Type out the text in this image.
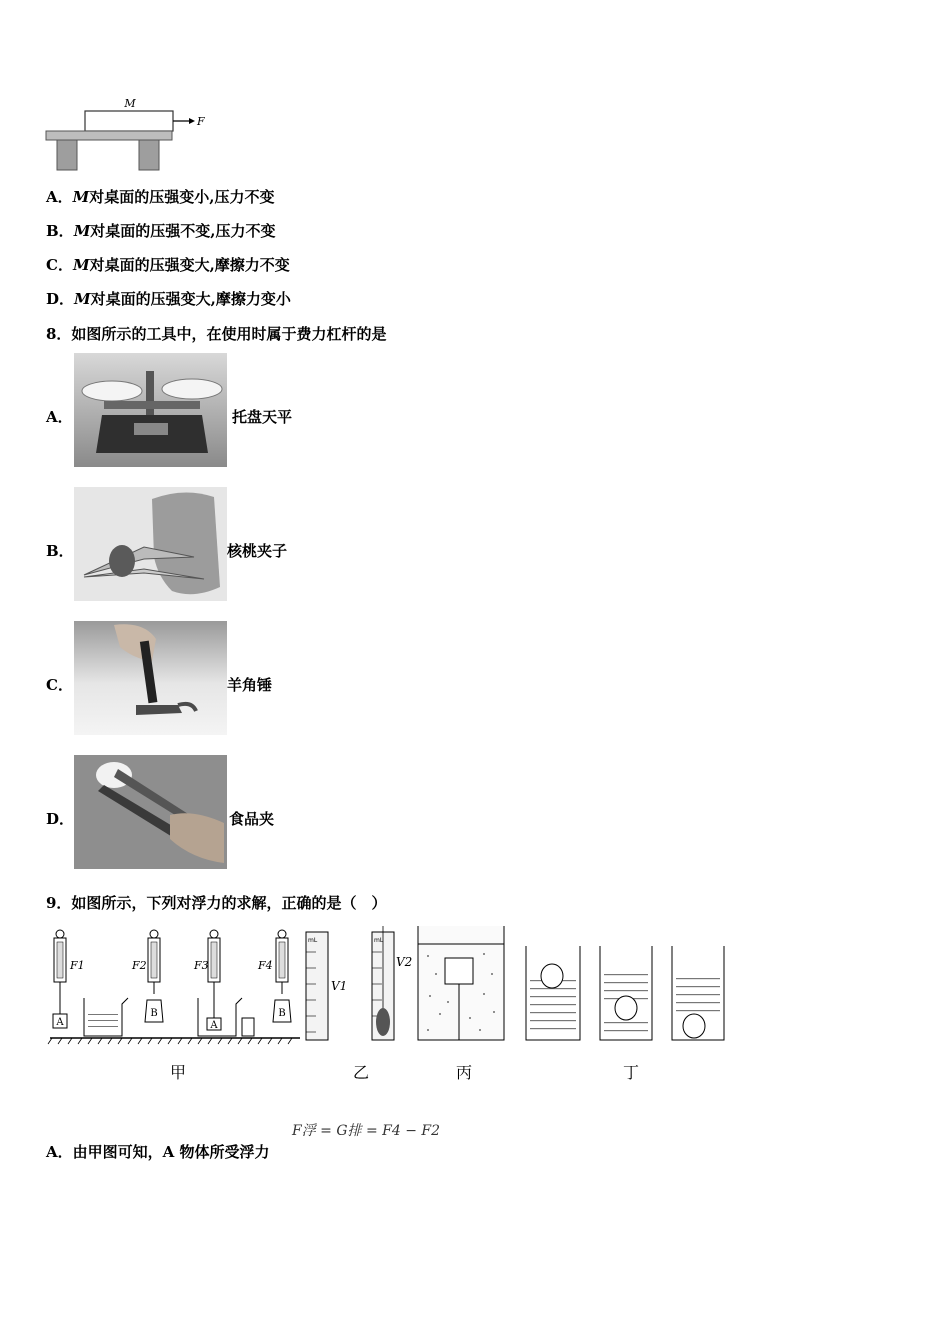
M
F
A．M对桌面的压强变小,压力不变
B．M对桌面的压强不变,压力不变
C．M对桌面的压强变大,摩擦力不变
D．M对桌面的压强变大,摩擦力变小
8．如图所示的工具中，在使用时属于费力杠杆的是
A．	托盘天平
B．	核桃夹子
C．	羊角锤
D．	食品夹
9．如图所示，下列对浮力的求解，正确的是（　）
A
F1
B
F2
A
F3
B
F4
mL
V1
mL
V2
甲	乙	丙	丁
F浮 = G排 = F4 − F2
A．由甲图可知，A 物体所受浮力
